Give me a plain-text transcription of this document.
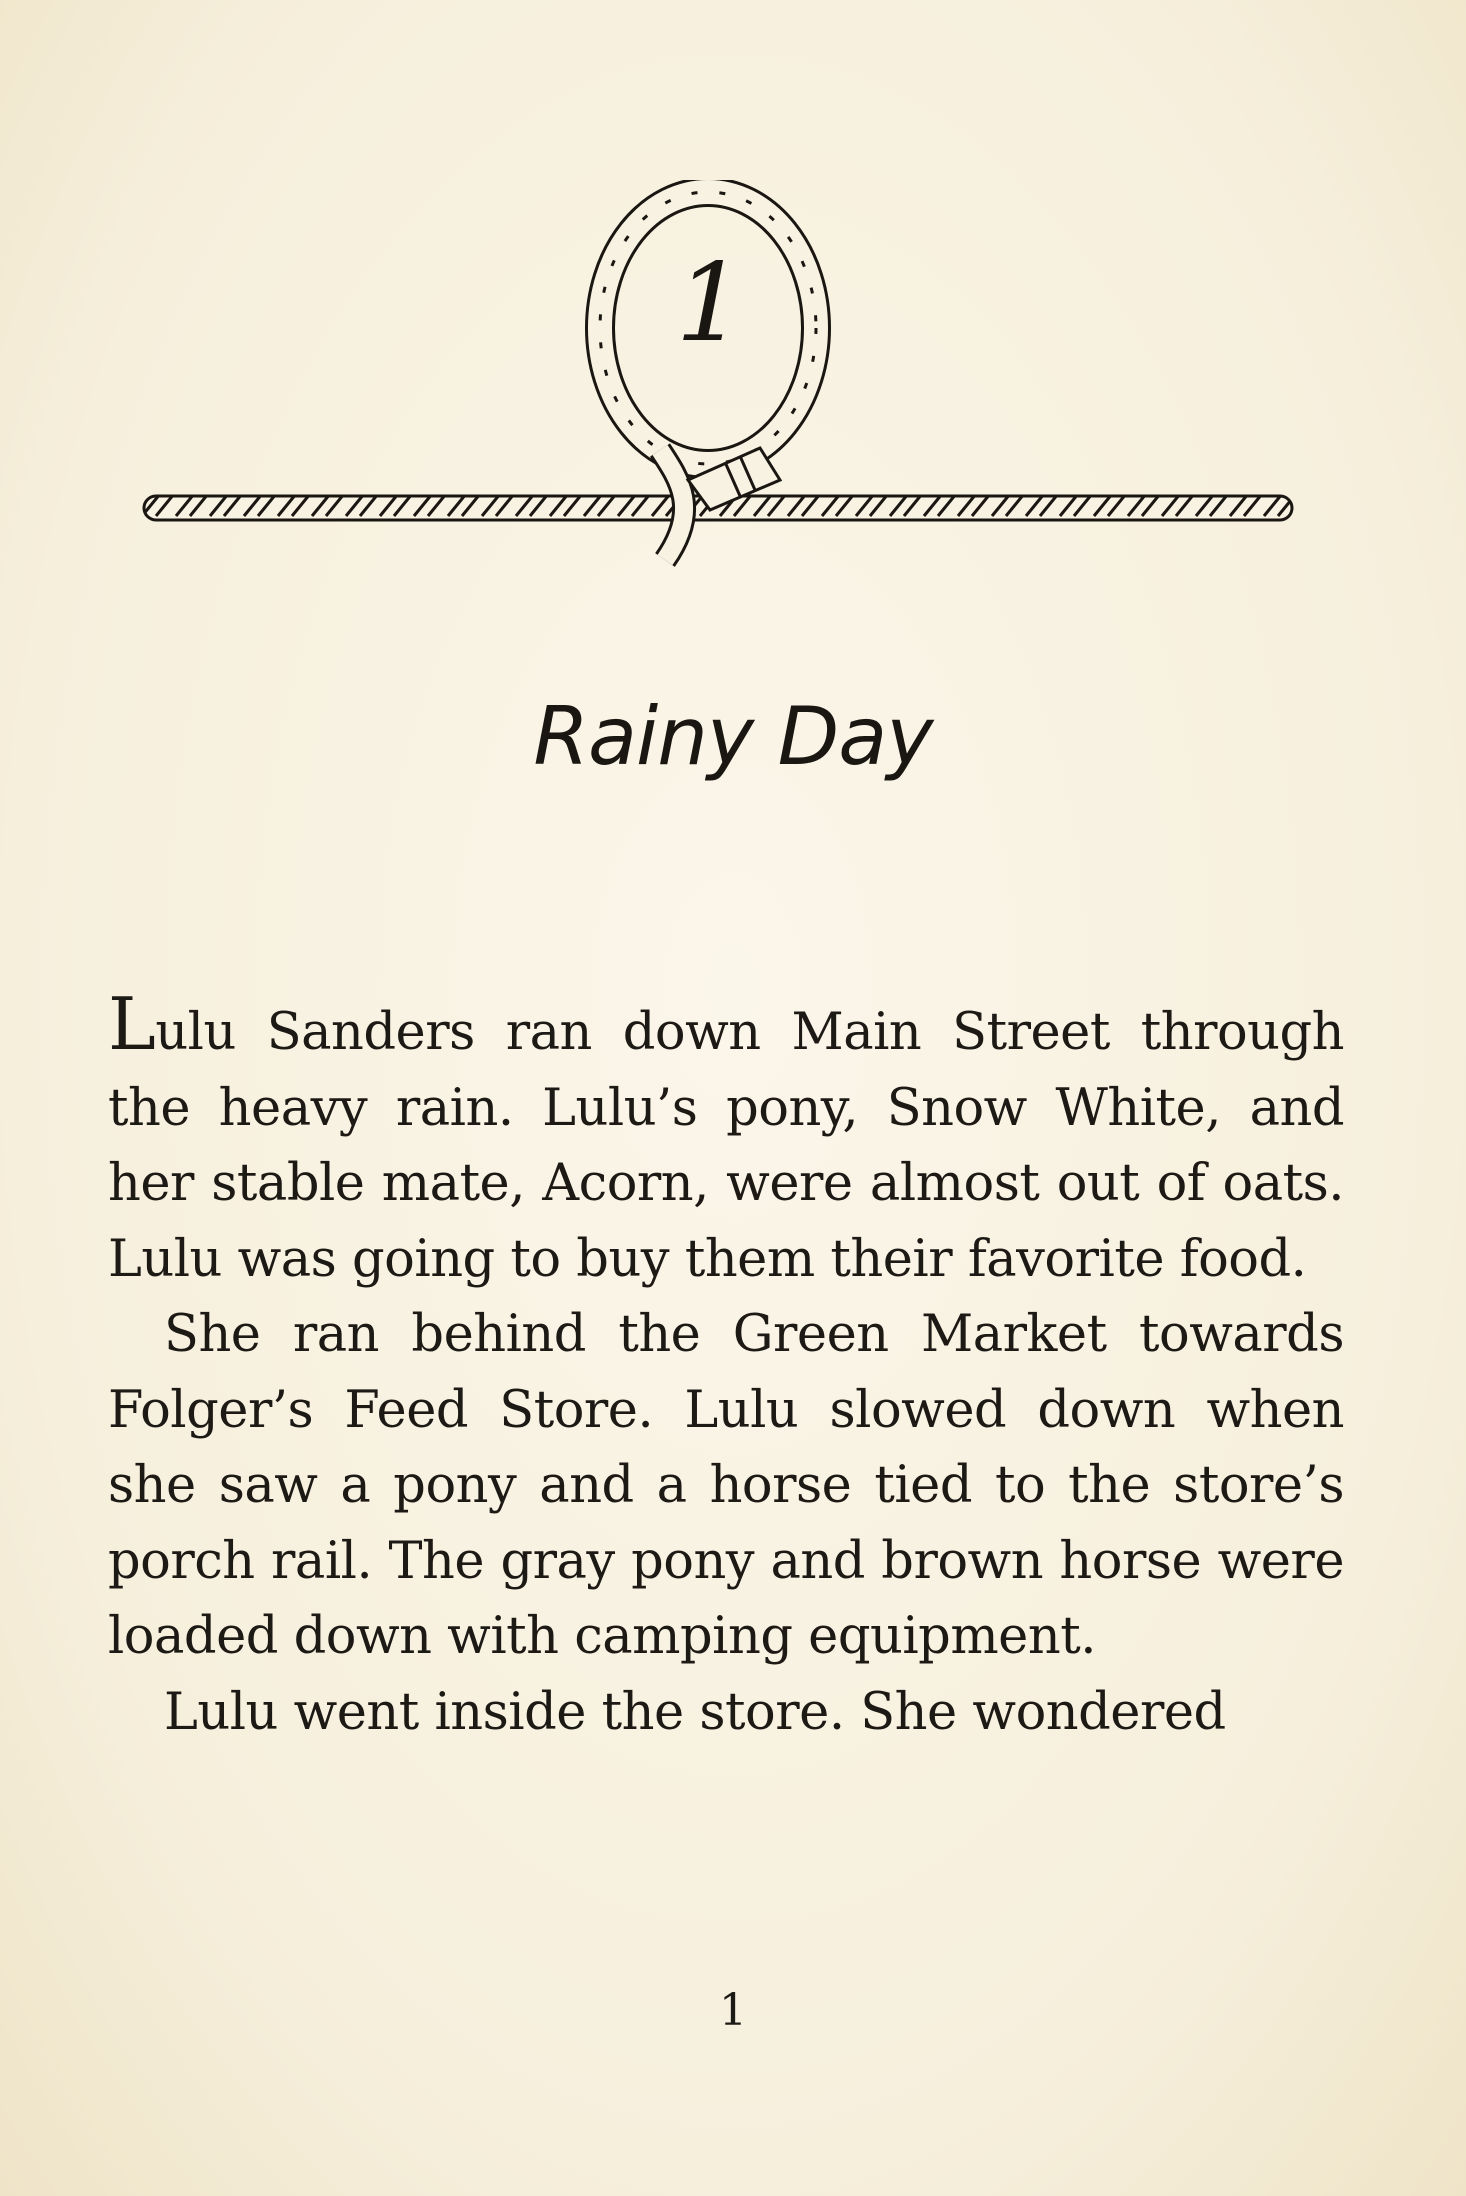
1
Rainy Day

Lulu Sanders ran down Main Street through the heavy rain. Lulu’s pony, Snow White, and her stable mate, Acorn, were almost out of oats. Lulu was going to buy them their favorite food.

She ran behind the Green Market towards Folger’s Feed Store. Lulu slowed down when she saw a pony and a horse tied to the store’s porch rail. The gray pony and brown horse were loaded down with camping equipment.

Lulu went inside the store. She wondered

1
